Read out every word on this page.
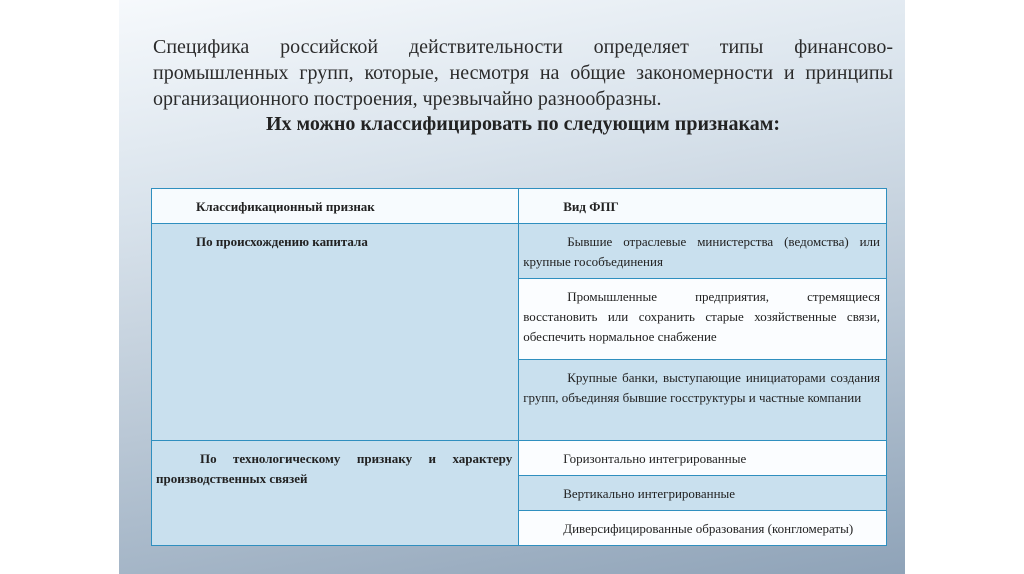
Специфика российской действительности определяет типы финансово-промышленных групп, которые, несмотря на общие закономерности и принципы организационного построения, чрезвычайно разнообразны.
Их можно классифицировать по следующим признакам:
Классификационный признак	Вид ФПГ
По происхождению капитала	Бывшие отраслевые министерства (ведомства) или крупные гособъединения
	Промышленные предприятия, стремящиеся восстановить или сохранить старые хозяйственные связи, обеспечить нормальное снабжение
	Крупные банки, выступающие инициаторами создания групп, объединяя бывшие госструктуры и частные компании
По технологическому признаку и характеру производственных связей	Горизонтально интегрированные
	Вертикально интегрированные
	Диверсифицированные образования (конгломераты)
